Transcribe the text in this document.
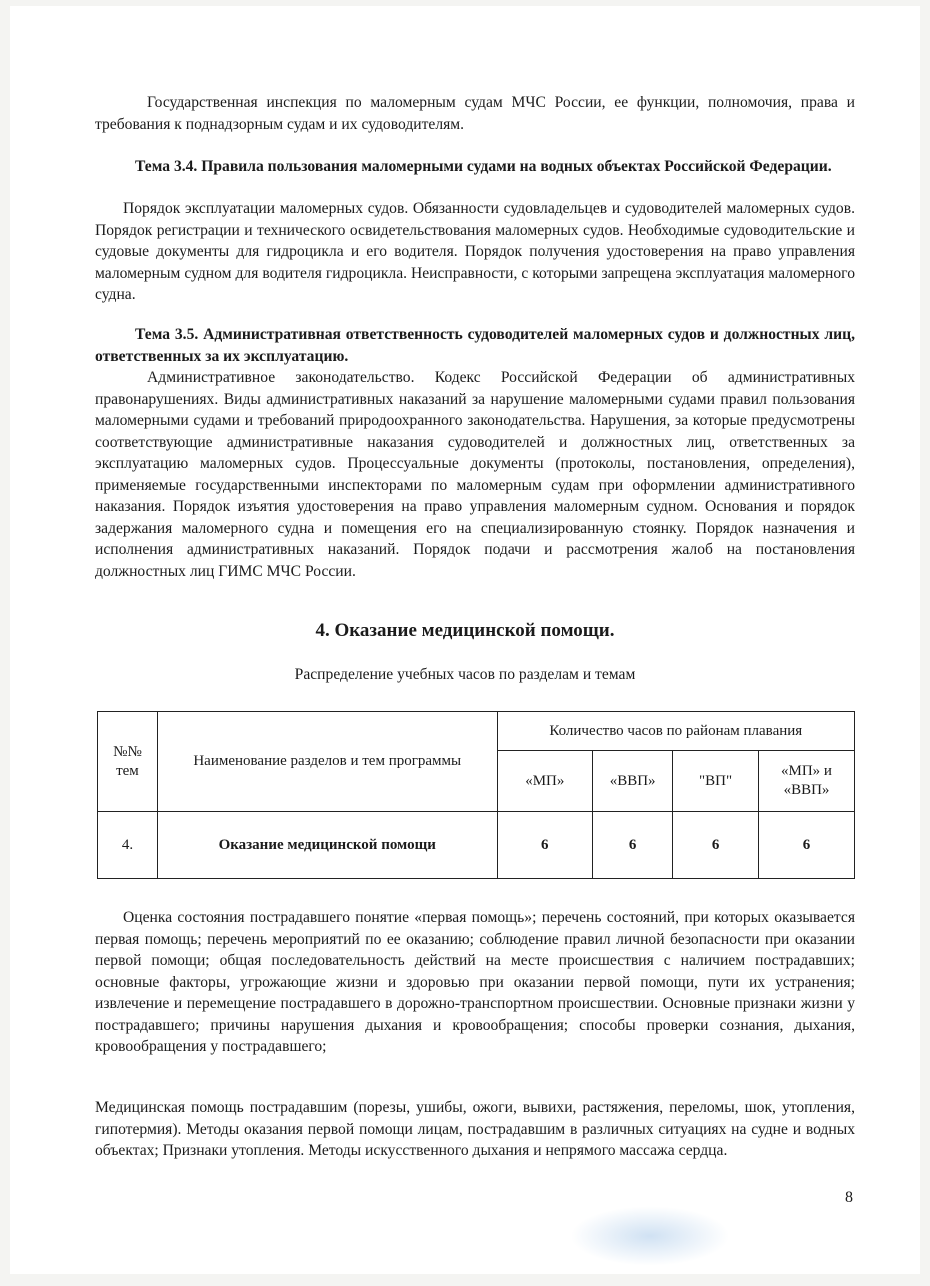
Государственная инспекция по маломерным судам МЧС России, ее функции, полномочия, права и требования к поднадзорным судам и их судоводителям.
Тема 3.4. Правила пользования маломерными судами на водных объектах Российской Федерации.
Порядок эксплуатации маломерных судов. Обязанности судовладельцев и судоводителей маломерных судов. Порядок регистрации и технического освидетельствования маломерных судов. Необходимые судоводительские и судовые документы для гидроцикла и его водителя. Порядок получения удостоверения на право управления маломерным судном для водителя гидроцикла. Неисправности, с которыми запрещена эксплуатация маломерного судна.
Тема 3.5. Административная ответственность судоводителей маломерных судов и должностных лиц, ответственных за их эксплуатацию.
Административное законодательство. Кодекс Российской Федерации об административных правонарушениях. Виды административных наказаний за нарушение маломерными судами правил пользования маломерными судами и требований природоохранного законодательства. Нарушения, за которые предусмотрены соответствующие административные наказания судоводителей и должностных лиц, ответственных за эксплуатацию маломерных судов. Процессуальные документы (протоколы, постановления, определения), применяемые государственными инспекторами по маломерным судам при оформлении административного наказания. Порядок изъятия удостоверения на право управления маломерным судном. Основания и порядок задержания маломерного судна и помещения его на специализированную стоянку. Порядок назначения и исполнения административных наказаний. Порядок подачи и рассмотрения жалоб на постановления должностных лиц ГИМС МЧС России.
4. Оказание медицинской помощи.
Распределение учебных часов по разделам и темам
№№ тем	Наименование разделов и тем программы	Количество часов по районам плавания			
		«МП»	«ВВП»	"ВП"	«МП» и «ВВП»
4.	Оказание медицинской помощи	6	6	6	6
Оценка состояния пострадавшего понятие «первая помощь»; перечень состояний, при которых оказывается первая помощь; перечень мероприятий по ее оказанию; соблюдение правил личной безопасности при оказании первой помощи; общая последовательность действий на месте происшествия с наличием пострадавших; основные факторы, угрожающие жизни и здоровью при оказании первой помощи, пути их устранения; извлечение и перемещение пострадавшего в дорожно-транспортном происшествии. Основные признаки жизни у пострадавшего; причины нарушения дыхания и кровообращения; способы проверки сознания, дыхания, кровообращения у пострадавшего;
Медицинская помощь пострадавшим (порезы, ушибы, ожоги, вывихи, растяжения, переломы, шок, утопления, гипотермия). Методы оказания первой помощи лицам, пострадавшим в различных ситуациях на судне и водных объектах; Признаки утопления. Методы искусственного дыхания и непрямого массажа сердца.
8
